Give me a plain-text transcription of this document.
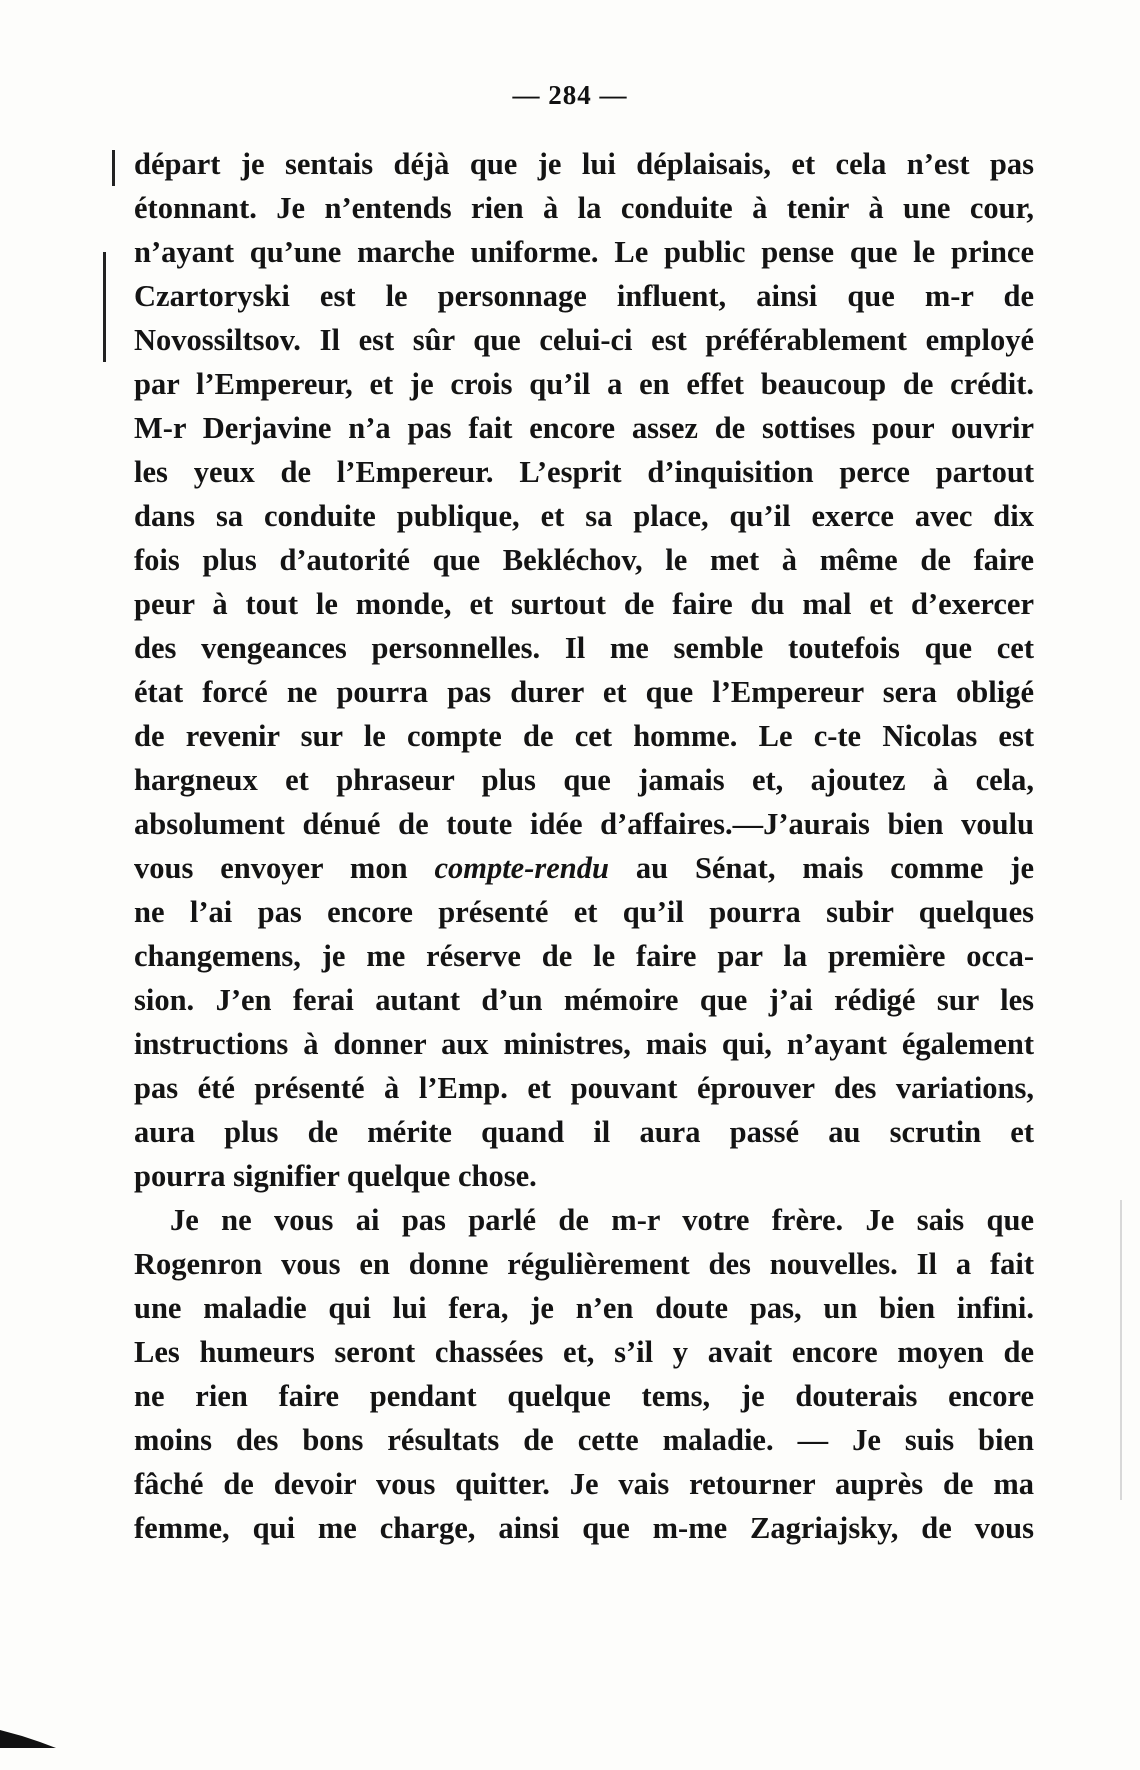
— 284 —
départ je sentais déjà que je lui déplaisais, et cela n’est pas
étonnant. Je n’entends rien à la conduite à tenir à une cour,
n’ayant qu’une marche uniforme. Le public pense que le prince
Czartoryski est le personnage influent, ainsi que m-r de
Novossiltsov. Il est sûr que celui-ci est préférablement employé
par l’Empereur, et je crois qu’il a en effet beaucoup de crédit.
M-r Derjavine n’a pas fait encore assez de sottises pour ouvrir
les yeux de l’Empereur. L’esprit d’inquisition perce partout
dans sa conduite publique, et sa place, qu’il exerce avec dix
fois plus d’autorité que Bekléchov, le met à même de faire
peur à tout le monde, et surtout de faire du mal et d’exercer
des vengeances personnelles. Il me semble toutefois que cet
état forcé ne pourra pas durer et que l’Empereur sera obligé
de revenir sur le compte de cet homme. Le c-te Nicolas est
hargneux et phraseur plus que jamais et, ajoutez à cela,
absolument dénué de toute idée d’affaires.—J’aurais bien voulu
vous envoyer mon compte-rendu au Sénat, mais comme je
ne l’ai pas encore présenté et qu’il pourra subir quelques
changemens, je me réserve de le faire par la première occa-
sion. J’en ferai autant d’un mémoire que j’ai rédigé sur les
instructions à donner aux ministres, mais qui, n’ayant également
pas été présenté à l’Emp. et pouvant éprouver des variations,
aura plus de mérite quand il aura passé au scrutin et
pourra signifier quelque chose.
Je ne vous ai pas parlé de m-r votre frère. Je sais que
Rogenron vous en donne régulièrement des nouvelles. Il a fait
une maladie qui lui fera, je n’en doute pas, un bien infini.
Les humeurs seront chassées et, s’il y avait encore moyen de
ne rien faire pendant quelque tems, je douterais encore
moins des bons résultats de cette maladie. — Je suis bien
fâché de devoir vous quitter. Je vais retourner auprès de ma
femme, qui me charge, ainsi que m-me Zagriajsky, de vous
